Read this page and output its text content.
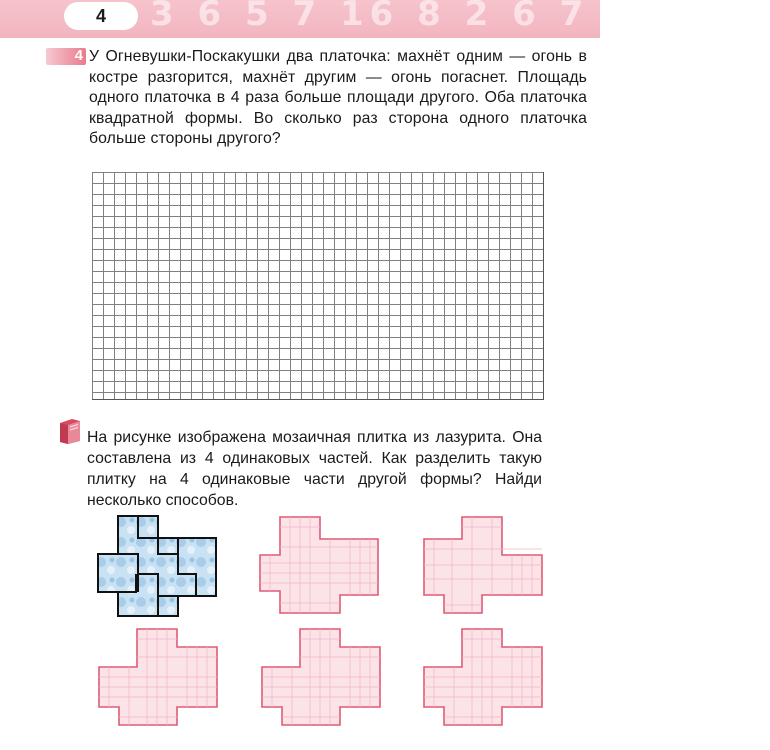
3 6 5 7 16 8 2 6 7 ·6-4=2
4
4 У Огневушки-Поскакушки два платочка: махнёт одним — огонь в костре разгорится, махнёт другим — огонь погаснет. Площадь одного платочка в 4 раза больше площади другого. Оба платочка квадратной формы. Во сколько раз сторона одного платочка больше стороны другого?
На рисунке изображена мозаичная плитка из лазурита. Она составлена из 4 одинаковых частей. Как разделить такую плитку на 4 одинаковые части другой формы? Найди несколько способов.
